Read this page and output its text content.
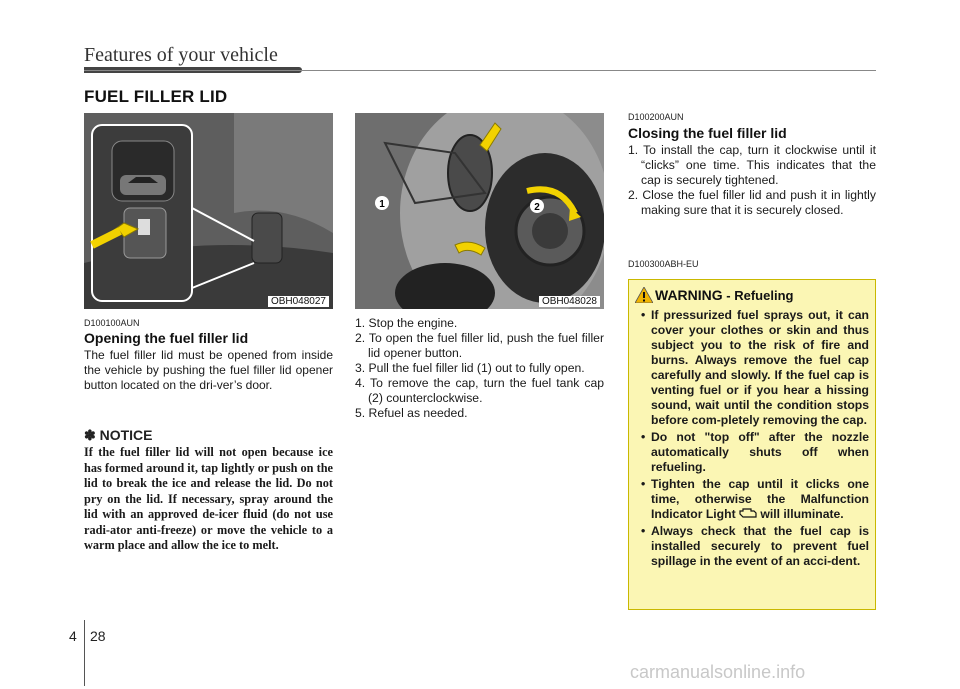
Features of your vehicle
FUEL FILLER LID
OBH048027
1	2
OBH048028
D100100AUN
Opening the fuel filler lid
The fuel filler lid must be opened from inside the vehicle by pushing the fuel filler lid opener button located on the dri-ver’s door.
✽ NOTICE
If the fuel filler lid will not open because ice has formed around it, tap lightly or push on the lid to break the ice and release the lid. Do not pry on the lid. If necessary, spray around the lid with an approved de-icer fluid (do not use radi-ator anti-freeze) or move the vehicle to a warm place and allow the ice to melt.
1. Stop the engine.
2. To open the fuel filler lid, push the fuel filler lid opener button.
3. Pull the fuel filler lid (1) out to fully open.
4. To remove the cap, turn the fuel tank cap (2) counterclockwise.
5. Refuel as needed.
D100200AUN
Closing the fuel filler lid
1. To install the cap, turn it clockwise until it “clicks” one time. This indicates that the cap is securely tightened.
2. Close the fuel filler lid and push it in lightly making sure that it is securely closed.
D100300ABH-EU
WARNING - Refueling
• If pressurized fuel sprays out, it can cover your clothes or skin and thus subject you to the risk of fire and burns. Always remove the fuel cap carefully and slowly. If the fuel cap is venting fuel or if you hear a hissing sound, wait until the condition stops before com-pletely removing the cap.
• Do not "top off" after the nozzle automatically shuts off when refueling.
• Tighten the cap until it clicks one time, otherwise the Malfunction Indicator Light  will illuminate.
• Always check that the fuel cap is installed securely to prevent fuel spillage in the event of an acci-dent.
4 28
carmanualsonline.info
